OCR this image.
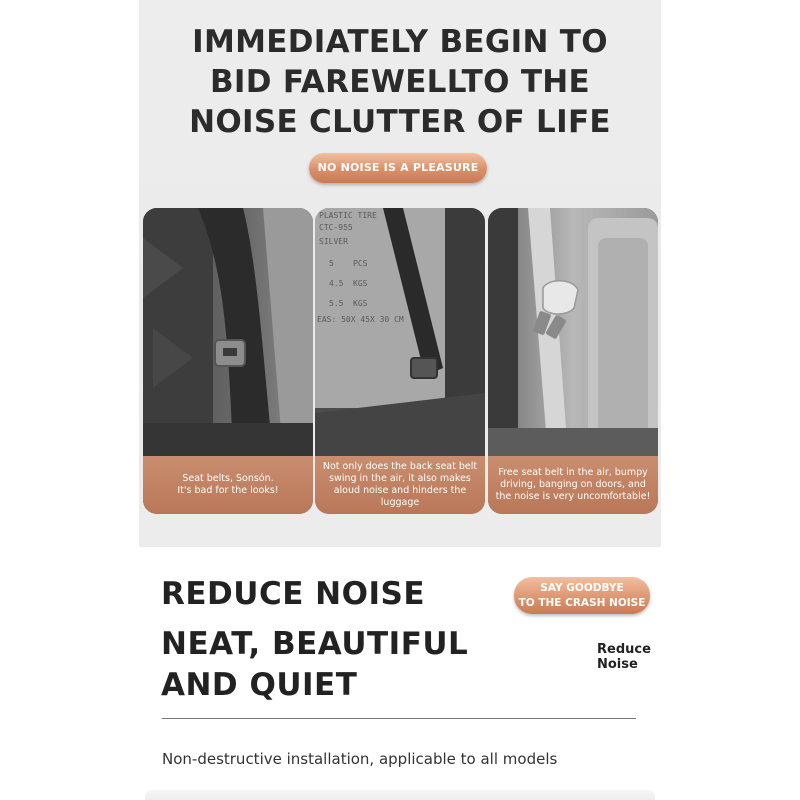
IMMEDIATELY BEGIN TO
BID FAREWELLTO THE
NOISE CLUTTER OF LIFE
NO NOISE IS A PLEASURE
Seat belts, Sonsón.
It's bad for the looks!
PLASTIC TIRE
CTC-955
SILVER
5 PCS
4.5 KGS
5.5 KGS
EAS: 50X 45X 30 CM
Not only does the back seat belt swing in the air, it also makes aloud noise and hinders the luggage
Free seat belt in the air, bumpy driving, banging on doors, and the noise is very uncomfortable!
REDUCE NOISE
NEAT, BEAUTIFUL
AND QUIET
SAY GOODBYE
TO THE CRASH NOISE
Reduce
Noise
Non-destructive installation, applicable to all models
